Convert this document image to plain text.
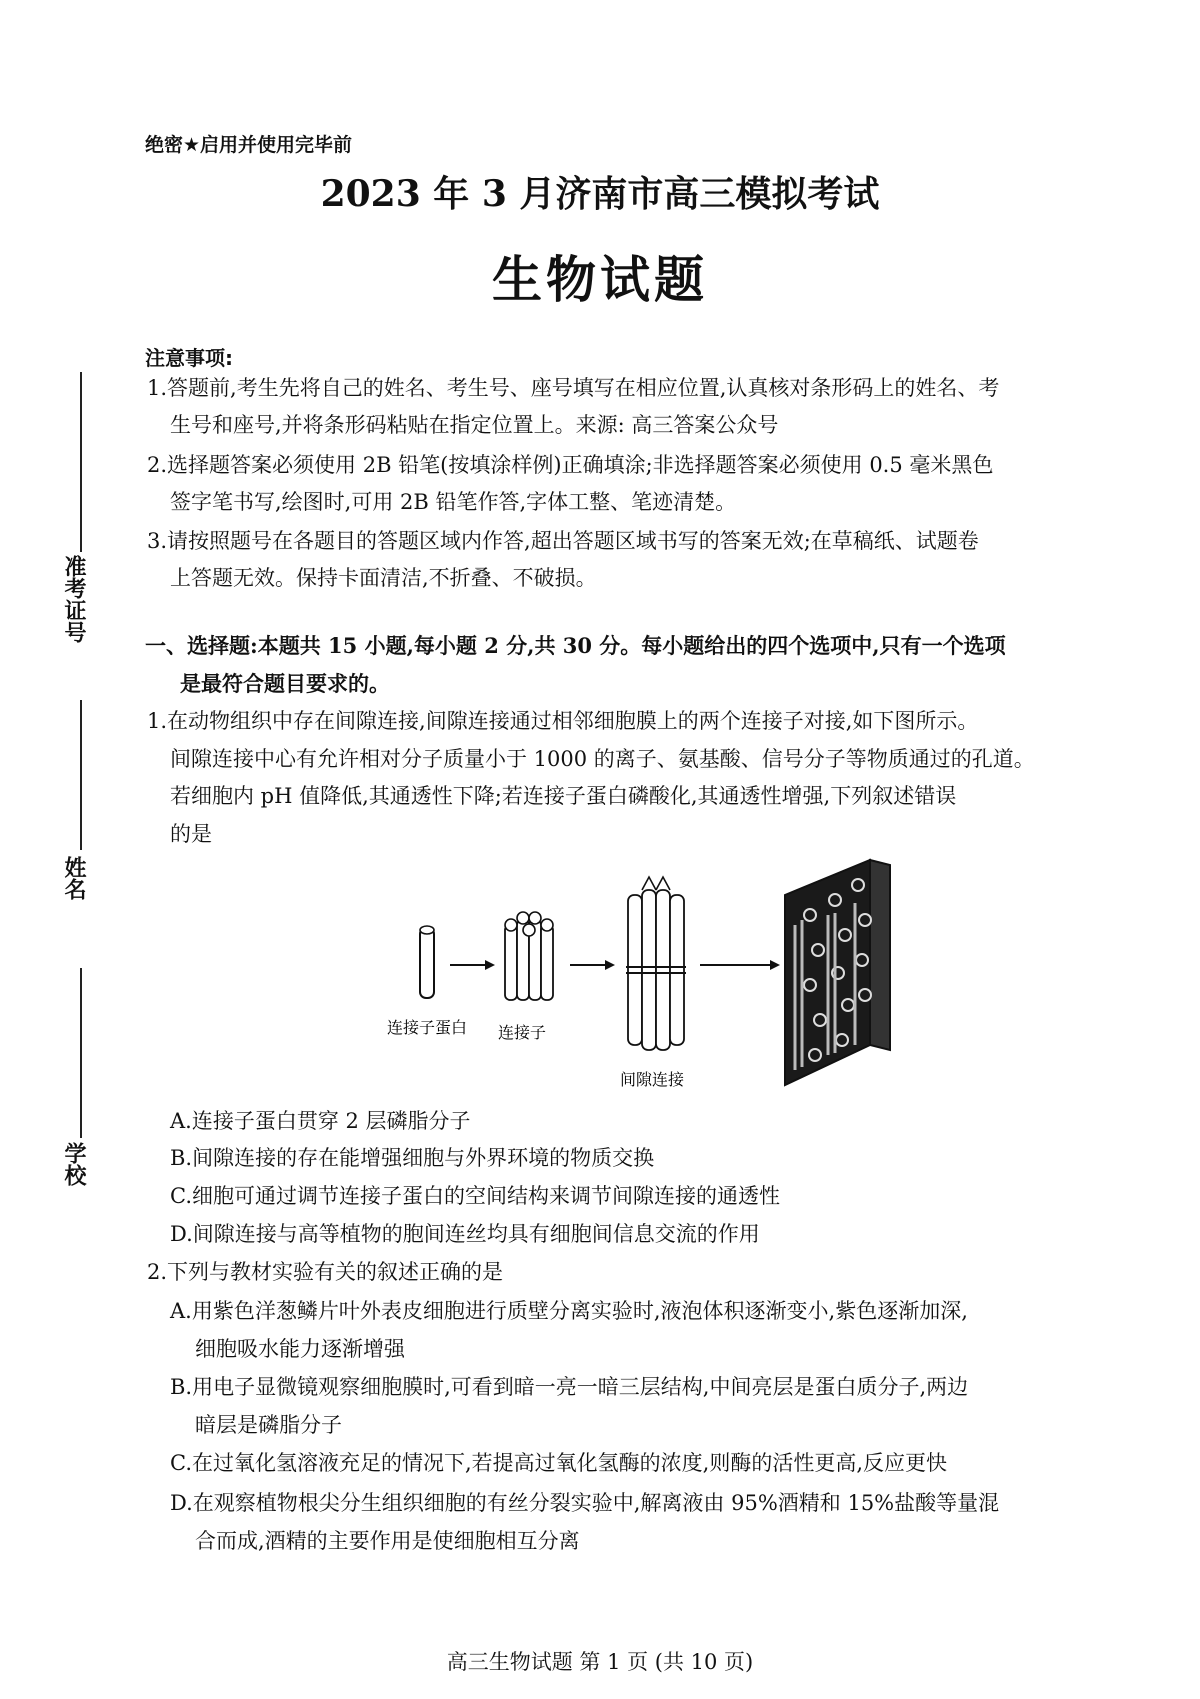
绝密★启用并使用完毕前
2023 年 3 月济南市高三模拟考试
生物试题
准考证号
姓名
学校
注意事项:
1.答题前,考生先将自己的姓名、考生号、座号填写在相应位置,认真核对条形码上的姓名、考
生号和座号,并将条形码粘贴在指定位置上。来源: 高三答案公众号
2.选择题答案必须使用 2B 铅笔(按填涂样例)正确填涂;非选择题答案必须使用 0.5 毫米黑色
签字笔书写,绘图时,可用 2B 铅笔作答,字体工整、笔迹清楚。
3.请按照题号在各题目的答题区域内作答,超出答题区域书写的答案无效;在草稿纸、试题卷
上答题无效。保持卡面清洁,不折叠、不破损。
一、选择题:本题共 15 小题,每小题 2 分,共 30 分。每小题给出的四个选项中,只有一个选项
是最符合题目要求的。
1.在动物组织中存在间隙连接,间隙连接通过相邻细胞膜上的两个连接子对接,如下图所示。
间隙连接中心有允许相对分子质量小于 1000 的离子、氨基酸、信号分子等物质通过的孔道。
若细胞内 pH 值降低,其通透性下降;若连接子蛋白磷酸化,其通透性增强,下列叙述错误
的是
连接子蛋白 连接子
间隙连接
A.连接子蛋白贯穿 2 层磷脂分子
B.间隙连接的存在能增强细胞与外界环境的物质交换
C.细胞可通过调节连接子蛋白的空间结构来调节间隙连接的通透性
D.间隙连接与高等植物的胞间连丝均具有细胞间信息交流的作用
2.下列与教材实验有关的叙述正确的是
A.用紫色洋葱鳞片叶外表皮细胞进行质壁分离实验时,液泡体积逐渐变小,紫色逐渐加深,
细胞吸水能力逐渐增强
B.用电子显微镜观察细胞膜时,可看到暗一亮一暗三层结构,中间亮层是蛋白质分子,两边
暗层是磷脂分子
C.在过氧化氢溶液充足的情况下,若提高过氧化氢酶的浓度,则酶的活性更高,反应更快
D.在观察植物根尖分生组织细胞的有丝分裂实验中,解离液由 95%酒精和 15%盐酸等量混
合而成,酒精的主要作用是使细胞相互分离
高三生物试题 第 1 页 (共 10 页)
